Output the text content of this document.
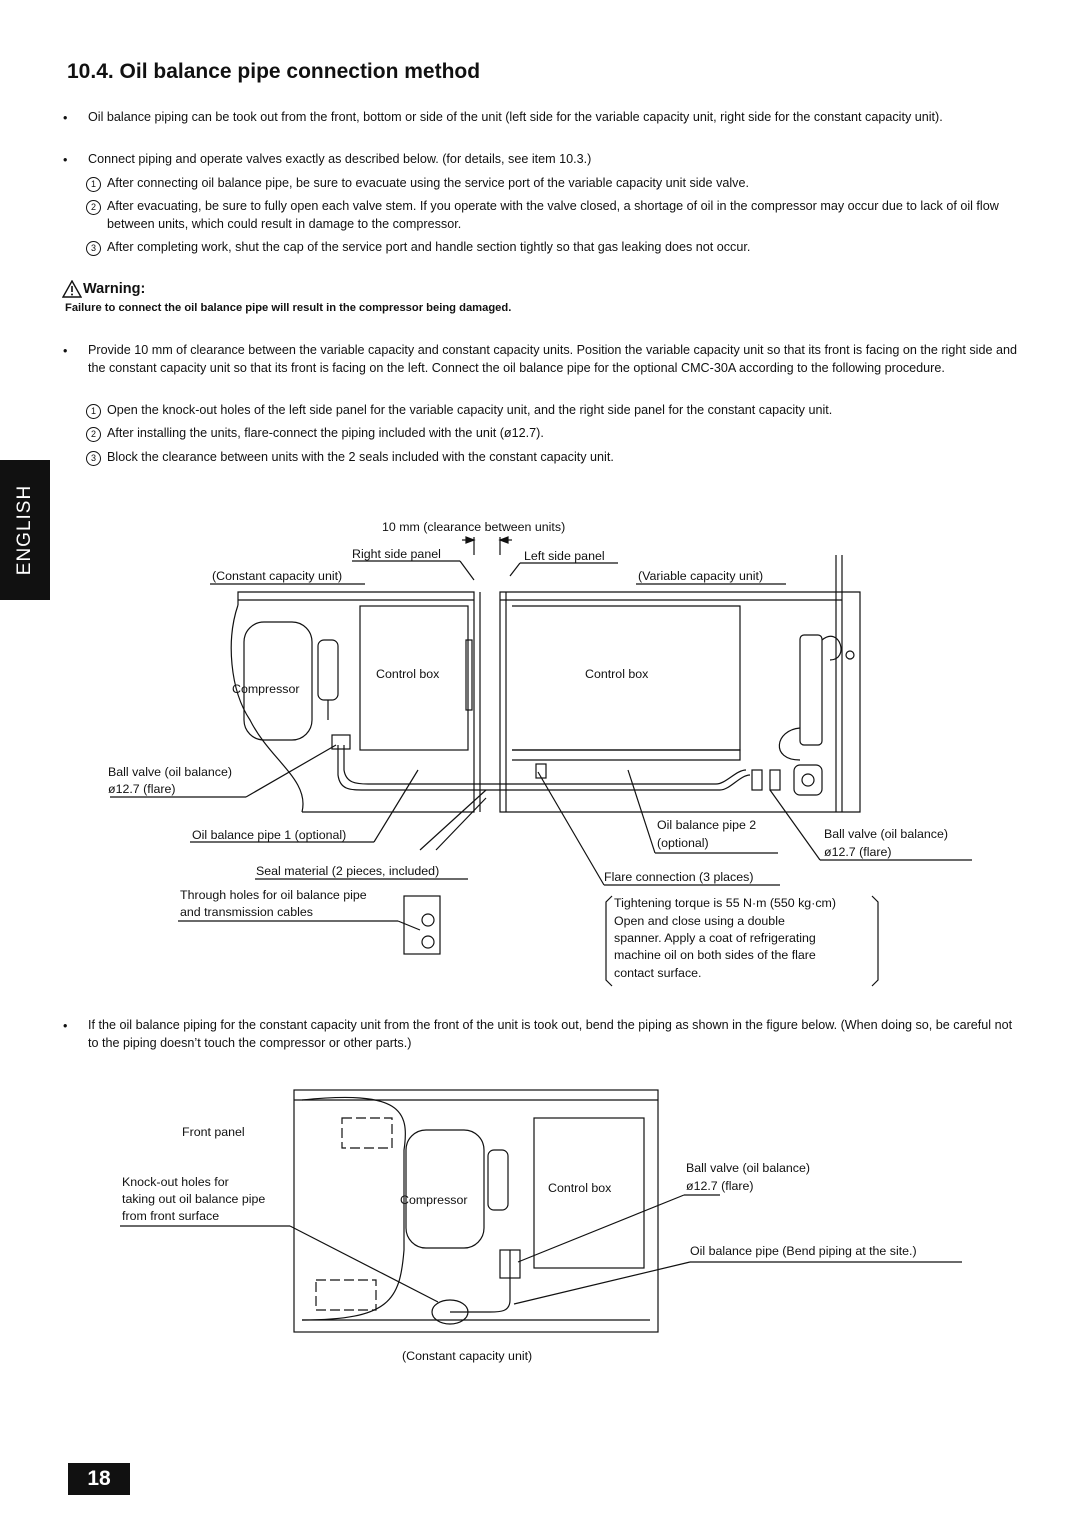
10.4. Oil balance pipe connection method
• Oil balance piping can be took out from the front, bottom or side of the unit (left side for the variable capacity unit, right side for the constant capacity unit).
• Connect piping and operate valves exactly as described below. (for details, see item 10.3.)
1 After connecting oil balance pipe, be sure to evacuate using the service port of the variable capacity unit side valve.
2 After evacuating, be sure to fully open each valve stem. If you operate with the valve closed, a shortage of oil in the compressor may occur due to lack of oil flow between units, which could result in damage to the compressor.
3 After completing work, shut the cap of the service port and handle section tightly so that gas leaking does not occur.
Warning:
Failure to connect the oil balance pipe will result in the compressor being damaged.
• Provide 10 mm of clearance between the variable capacity and constant capacity units. Position the variable capacity unit so that its front is facing on the right side and the constant capacity unit so that its front is facing on the left. Connect the oil balance pipe for the optional CMC-30A according to the following procedure.
1 Open the knock-out holes of the left side panel for the variable capacity unit, and the right side panel for the constant capacity unit.
2 After installing the units, flare-connect the piping included with the unit (ø12.7).
3 Block the clearance between units with the 2 seals included with the constant capacity unit.
ENGLISH	10 mm (clearance between units)
Right side panel	Left side panel
(Constant capacity unit)	(Variable capacity unit)
Compressor
Control box	Control box
Ball valve (oil balance)
ø12.7 (flare)
Oil balance pipe 1 (optional)
Seal material (2 pieces, included)
Through holes for oil balance pipe
and transmission cables
Oil balance pipe 2
(optional)
Ball valve (oil balance)
ø12.7 (flare)
Flare connection (3 places)
Tightening torque is 55 N·m (550 kg·cm)
Open and close using a double
spanner. Apply a coat of refrigerating
machine oil on both sides of the flare
contact surface.
• If the oil balance piping for the constant capacity unit from the front of the unit is took out, bend the piping as shown in the figure below. (When doing so, be careful not to the piping doesn’t touch the compressor or other parts.)
Front panel
Knock-out holes for
taking out oil balance pipe
from front surface
Compressor
Control box
Ball valve (oil balance)
ø12.7 (flare)
Oil balance pipe (Bend piping at the site.)
(Constant capacity unit)
18
